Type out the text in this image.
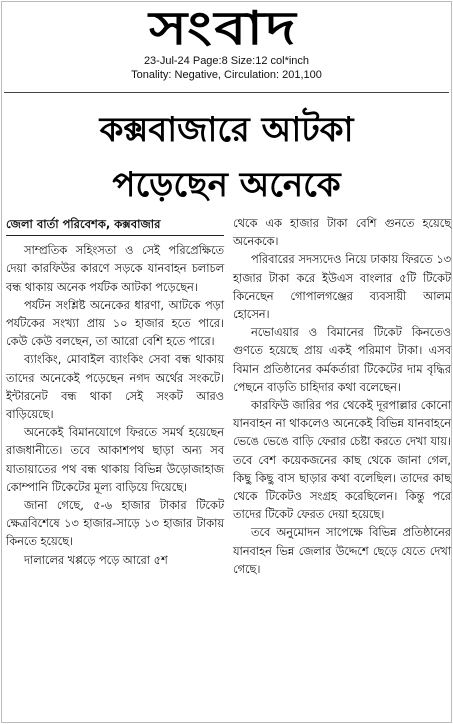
সংবাদ
23-Jul-24 Page:8 Size:12 col*inch
Tonality: Negative, Circulation: 201,100
কক্সবাজারে আটকা
পড়েছেন অনেকে
জেলা বার্তা পরিবেশক, কক্সবাজার

সাম্প্রতিক সহিংসতা ও সেই পরিপ্রেক্ষিতে দেয়া কারফিউর কারণে সড়কে যানবাহন চলাচল বন্ধ থাকায় অনেক পর্যটক আটকা পড়েছেন।

পর্যটন সংশ্লিষ্ট অনেকের ধারণা, আটকে পড়া পর্যটকের সংখ্যা প্রায় ১০ হাজার হতে পারে। কেউ কেউ বলছেন, তা আরো বেশি হতে পারে।

ব্যাংকিং, মোবাইল ব্যাংকিং সেবা বন্ধ থাকায় তাদের অনেকেই পড়েছেন নগদ অর্থের সংকটে। ইন্টারনেট বন্ধ থাকা সেই সংকট আরও বাড়িয়েছে।

অনেকেই বিমানযোগে ফিরতে সমর্থ হয়েছেন রাজধানীতে। তবে আকাশপথ ছাড়া অন্য সব যাতায়াতের পথ বন্ধ থাকায় বিভিন্ন উড়োজাহাজ কোম্পানি টিকেটের মূল্য বাড়িয়ে দিয়েছে।

জানা গেছে, ৫-৬ হাজার টাকার টিকেট ক্ষেত্রবিশেষে ১৩ হাজার-সাড়ে ১৩ হাজার টাকায় কিনতে হয়েছে।

দালালের খপ্পড়ে পড়ে আরো ৫শ

থেকে এক হাজার টাকা বেশি গুনতে হয়েছে অনেককে।

পরিবারের সদস্যদেও নিয়ে ঢাকায় ফিরতে ১৩ হাজার টাকা করে ইউএস বাংলার ৫টি টিকেট কিনেছেন গোপালগঞ্জের ব্যবসায়ী আলম হোসেন।

নভোএয়ার ও বিমানের টিকেট কিনতেও গুণতে হয়েছে প্রায় একই পরিমাণ টাকা। এসব বিমান প্রতিষ্ঠানের কর্মকর্তারা টিকেটের দাম বৃদ্ধির পেছনে বাড়তি চাহিদার কথা বলেছেন।

কারফিউ জারির পর থেকেই দূরপাল্লার কোনো যানবাহন না থাকলেও অনেকেই বিভিন্ন যানবাহনে ভেঙে ভেঙে বাড়ি ফেরার চেষ্টা করতে দেখা যায়। তবে বেশ কয়েকজনের কাছ থেকে জানা গেল, কিছু কিছু বাস ছাড়ার কথা বলেছিল। তাদের কাছ থেকে টিকেটও সংগ্রহ করেছিলেন। কিন্তু পরে তাদের টিকেট ফেরত দেয়া হয়েছে।

তবে অনুমোদন সাপেক্ষে বিভিন্ন প্রতিষ্ঠানের যানবাহন ভিন্ন জেলার উদ্দেশে ছেড়ে যেতে দেখা গেছে।
